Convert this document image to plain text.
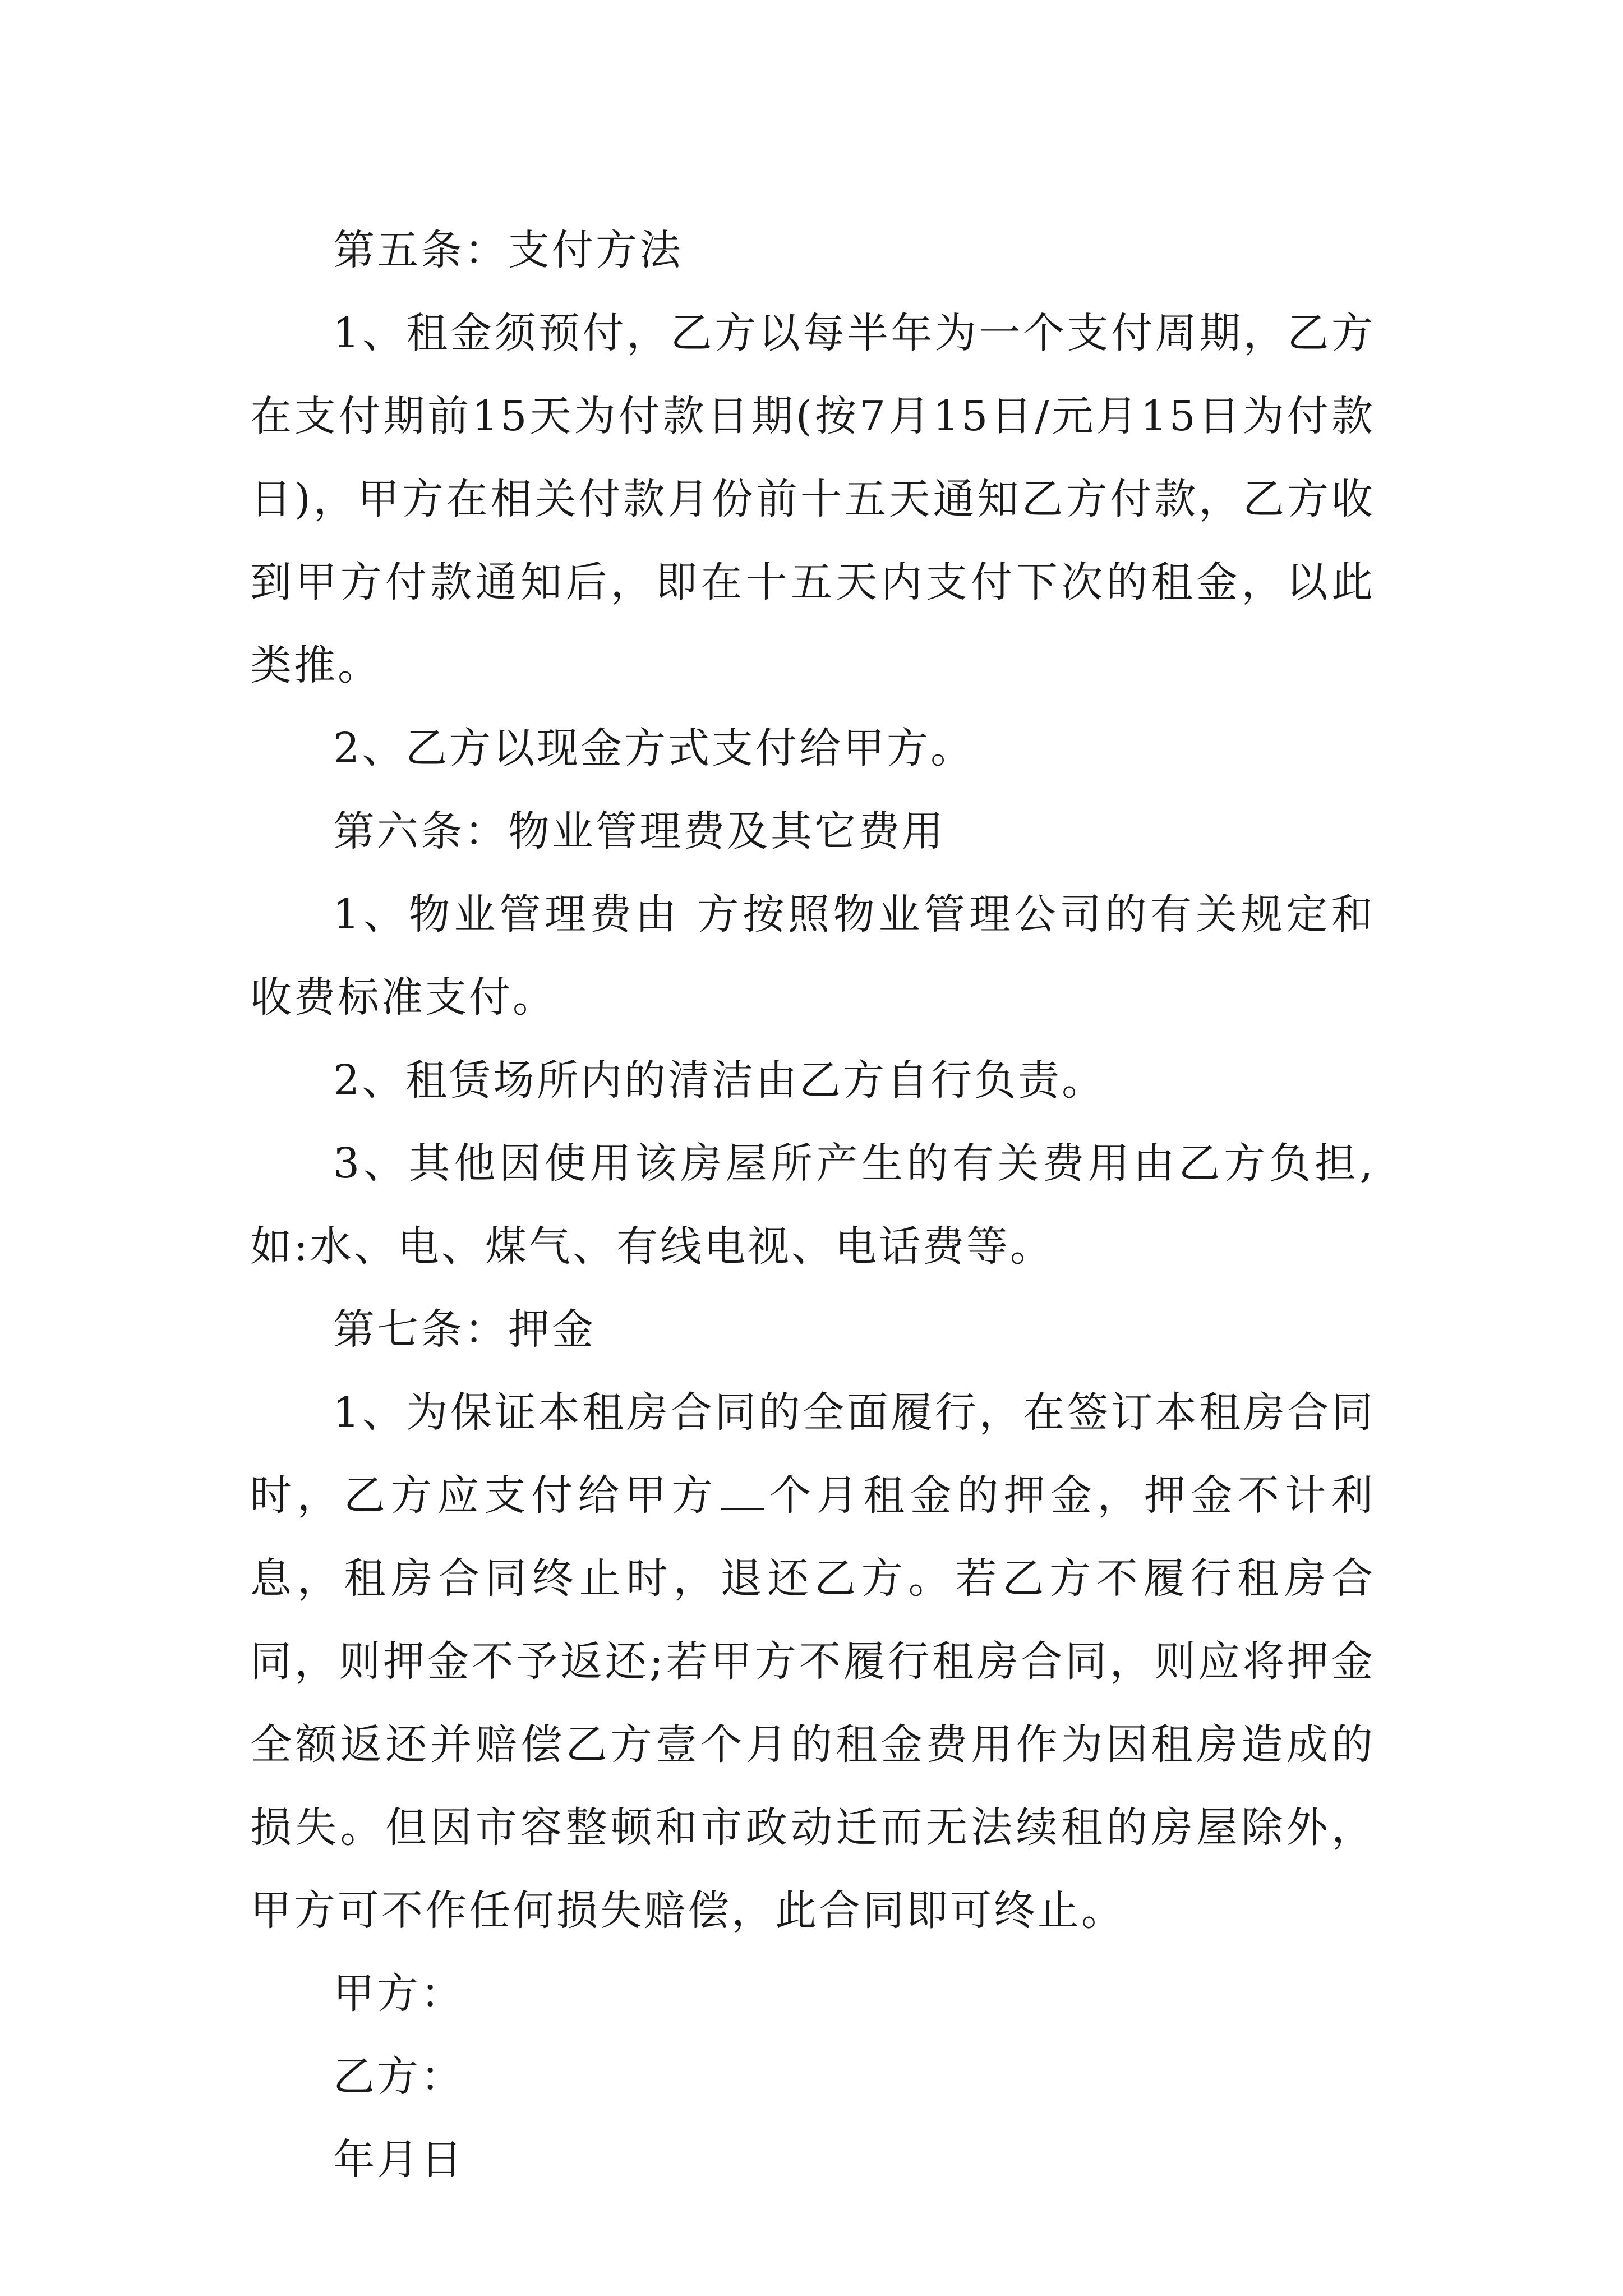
第五条：支付方法

1、租金须预付，乙方以每半年为一个支付周期，乙方在支付期前15天为付款日期(按7月15日/元月15日为付款日)，甲方在相关付款月份前十五天通知乙方付款，乙方收到甲方付款通知后，即在十五天内支付下次的租金，以此类推。

2、乙方以现金方式支付给甲方。

第六条：物业管理费及其它费用

1、物业管理费由 方按照物业管理公司的有关规定和收费标准支付。

2、租赁场所内的清洁由乙方自行负责。

3、其他因使用该房屋所产生的有关费用由乙方负担,如:水、电、煤气、有线电视、电话费等。

第七条：押金

1、为保证本租房合同的全面履行，在签订本租房合同时，乙方应支付给甲方 个月租金的押金，押金不计利息，租房合同终止时，退还乙方。若乙方不履行租房合同，则押金不予返还;若甲方不履行租房合同，则应将押金全额返还并赔偿乙方壹个月的租金费用作为因租房造成的损失。但因市容整顿和市政动迁而无法续租的房屋除外，甲方可不作任何损失赔偿，此合同即可终止。

甲方：

乙方：

年月日
